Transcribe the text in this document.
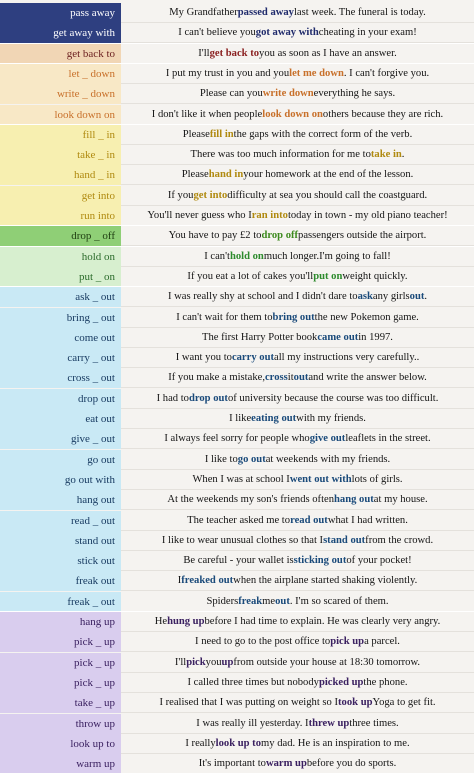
pass away	My Grandfather passed away last week. The funeral is today.
get away with	I can't believe you got away with cheating in your exam!
get back to	I'll get back to you as soon as I have an answer.
let _ down	I put my trust in you and you let me down . I can't forgive you.
write _ down	Please can you write down everything he says.
look down on	I don't like it when people look down on others because they are rich.
fill _ in	Please fill in the gaps with the correct form of the verb.
take _ in	There was too much information for me to take in .
hand _ in	Please hand in your homework at the end of the lesson.
get into	If you get into difficulty at sea you should call the coastguard.
run into	You'll never guess who I ran into today in town - my old piano teacher!
drop _ off	You have to pay £2 to drop off passengers outside the airport.
hold on	I can't hold on much longer.I'm going to fall!
put _ on	If you eat a lot of cakes you'll put on weight quickly.
ask _ out	I was really shy at school and I didn't dare to ask any girls out .
bring _ out	I can't wait for them to bring out the new Pokemon game.
come out	The first Harry Potter book came out in 1997.
carry _ out	I want you to carry out all my instructions very carefully..
cross _ out	If you make a mistake, cross it out and write the answer below.
drop out	I had to drop out of university because the course was too difficult.
eat out	I like eating out with my friends.
give _ out	I always feel sorry for people who give out leaflets in the street.
go out	I like to go out at weekends with my friends.
go out with	When I was at school I went out with lots of girls.
hang out	At the weekends my son's friends often hang out at my house.
read _ out	The teacher asked me to read out what I had written.
stand out	I like to wear unusual clothes so that I stand out from the crowd.
stick out	Be careful - your wallet is sticking out of your pocket!
freak out	I freaked out when the airplane started shaking violently.
freak _ out	Spiders freak me out . I'm so scared of them.
hang up	He hung up before I had time to explain. He was clearly very angry.
pick _ up	I need to go to the post office to pick up a parcel.
pick _ up	I'll pick you up from outside your house at 18:30 tomorrow.
pick _ up	I called three times but nobody picked up the phone.
take _ up	I realised that I was putting on weight so I took up Yoga to get fit.
throw up	I was really ill yesterday. I threw up three times.
look up to	I really look up to my dad. He is an inspiration to me.
warm up	It's important to warm up before you do sports.
